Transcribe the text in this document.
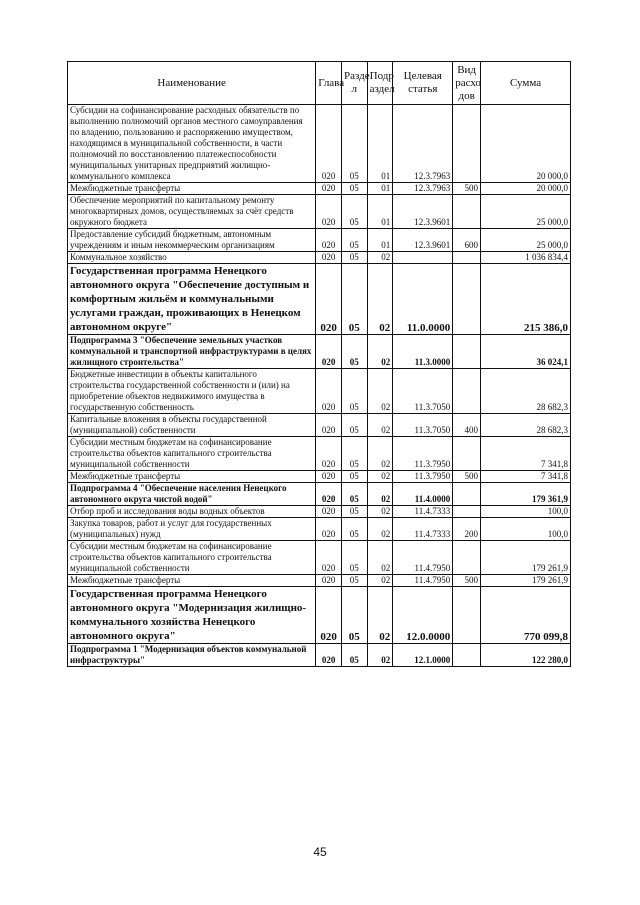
Наименование	Глава	Разде л	Подр аздел	Целевая статья	Вид расхо дов	Сумма
Субсидии на софинансирование расходных обязательств по выполнению полномочий органов местного самоуправления по владению, пользованию и распоряжению имуществом, находящимся в муниципальной собственности, в части полномочий по восстановлению платежеспособности муниципальных унитарных предприятий жилищно-коммунального комплекса	020	05	01	12.3.7963		20 000,0
Межбюджетные трансферты	020	05	01	12.3.7963	500	20 000,0
Обеспечение мероприятий по капитальному ремонту многоквартирных домов, осуществляемых за счёт средств окружного бюджета	020	05	01	12.3.9601		25 000,0
Предоставление субсидий бюджетным, автономным учреждениям и иным некоммерческим организациям	020	05	01	12.3.9601	600	25 000,0
Коммунальное хозяйство	020	05	02			1 036 834,4
Государственная программа Ненецкого автономного округа "Обеспечение доступным и комфортным жильём и коммунальными услугами граждан, проживающих в Ненецком автономном округе"	020	05	02	11.0.0000		215 386,0
Подпрограмма 3 "Обеспечение земельных участков коммунальной и транспортной инфраструктурами в целях жилищного строительства"	020	05	02	11.3.0000		36 024,1
Бюджетные инвестиции в объекты капитального строительства государственной собственности и (или) на приобретение объектов недвижимого имущества в государственную собственность	020	05	02	11.3.7050		28 682,3
Капитальные вложения в объекты государственной (муниципальной) собственности	020	05	02	11.3.7050	400	28 682,3
Субсидии местным бюджетам на софинансирование строительства объектов капитального строительства муниципальной собственности	020	05	02	11.3.7950		7 341,8
Межбюджетные трансферты	020	05	02	11.3.7950	500	7 341,8
Подпрограмма 4 "Обеспечение населения Ненецкого автономного округа чистой водой"	020	05	02	11.4.0000		179 361,9
Отбор проб и исследования воды водных объектов	020	05	02	11.4.7333		100,0
Закупка товаров, работ и услуг для государственных (муниципальных) нужд	020	05	02	11.4.7333	200	100,0
Субсидии местным бюджетам на софинансирование строительства объектов капитального строительства муниципальной собственности	020	05	02	11.4.7950		179 261,9
Межбюджетные трансферты	020	05	02	11.4.7950	500	179 261,9
Государственная программа Ненецкого автономного округа "Модернизация жилищно-коммунального хозяйства Ненецкого автономного округа"	020	05	02	12.0.0000		770 099,8
Подпрограмма 1 "Модернизация объектов коммунальной инфраструктуры"	020	05	02	12.1.0000		122 280,0
45
